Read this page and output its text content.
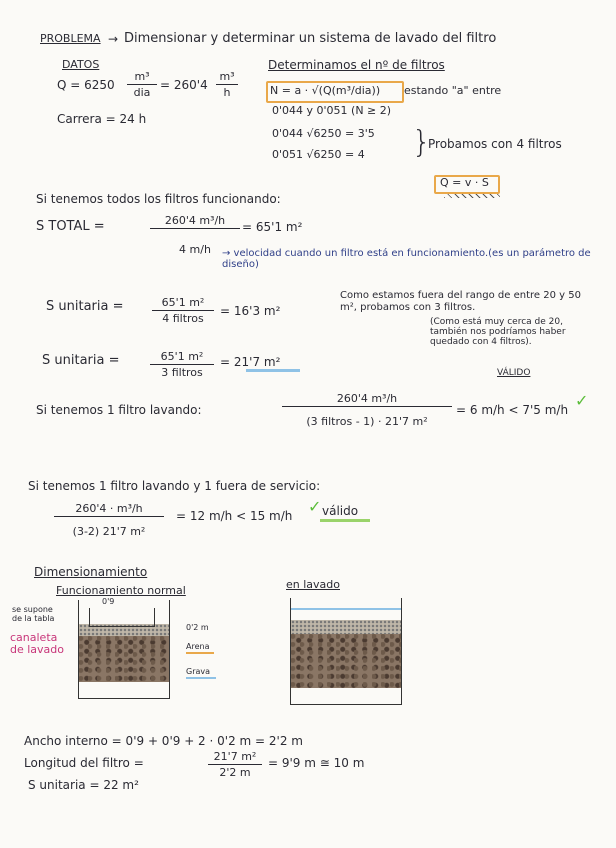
PROBLEMA → Dimensionar y determinar un sistema de lavado del filtro
DATOS
Q = 6250
m³
dia
= $260'4 \frac{\text{m³}}{h}$
Carrera = 24 h
Determinamos el nº de filtros
N = a · √(Q(m³/dia)) estando "a" entre
0'044 y 0'051 (N ≥ 2)
0'044 √6250 = 3'5
0'051 √6250 = 4 }
Probamos con 4 filtros
Q = v · S
Si tenemos todos los filtros funcionando:
S TOTAL =	$\frac{\text{260'4 m³/h}}{4 m/h} = 65'1$ m²
→ velocidad cuando un filtro está en funcionamiento.(es un parámetro de diseño)
S unitaria =	65'1 m²
4 filtros
= 16'3 m²
Como estamos fuera del rango de entre 20 y 50 m², probamos con 3 filtros.
(Como está muy cerca de 20, también nos podríamos haber quedado con 4 filtros).
S unitaria =	65'1 m²
3 filtros
= 21'7 m²
VÁLIDO
Si tenemos 1 filtro lavando:
260'4 m³/h
(3 filtros - 1) · 21'7 m²
= 6 m/h < 7'5 m/h ✓
Si tenemos 1 filtro lavando y 1 fuera de servicio:
$\frac{\text{260'4 · m³/h}}{\text{(3-2) 21'7 m²}} = 12$ m/h < 15 m/h ✓ válido
Dimensionamiento
Funcionamiento normal	en lavado
se supone de la tabla
0'9
canaleta de lavado
0'2 m
Arena
Grava
Ancho interno = 0'9 + 0'9 + 2 · 0'2 m = 2'2 m
Longitud del filtro =	$\frac{\text{21'7 m²}}{2'2 m} = 9'9$ m ≅ 10 m
S unitaria = 22 m²
